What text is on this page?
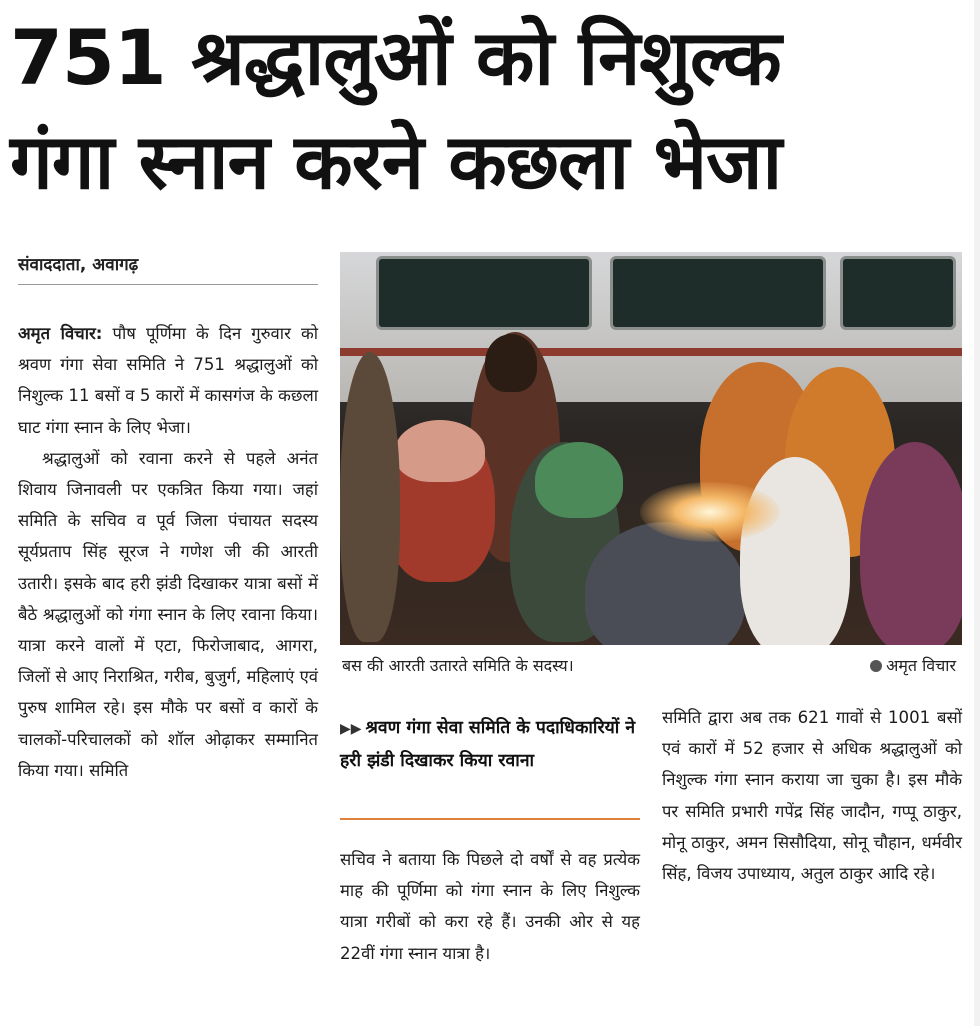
751 श्रद्धालुओं को निशुल्क
गंगा स्नान करने कछला भेजा
संवाददाता, अवागढ़

अमृत विचार: पौष पूर्णिमा के दिन गुरुवार को श्रवण गंगा सेवा समिति ने 751 श्रद्धालुओं को निशुल्क 11 बसों व 5 कारों में कासगंज के कछला घाट गंगा स्नान के लिए भेजा।

श्रद्धालुओं को रवाना करने से पहले अनंत शिवाय जिनावली पर एकत्रित किया गया। जहां समिति के सचिव व पूर्व जिला पंचायत सदस्य सूर्यप्रताप सिंह सूरज ने गणेश जी की आरती उतारी। इसके बाद हरी झंडी दिखाकर यात्रा बसों में बैठे श्रद्धालुओं को गंगा स्नान के लिए रवाना किया। यात्रा करने वालों में एटा, फिरोजाबाद, आगरा, जिलों से आए निराश्रित, गरीब, बुजुर्ग, महिलाएं एवं पुरुष शामिल रहे। इस मौके पर बसों व कारों के चालकों-परिचालकों को शॉल ओढ़ाकर सम्मानित किया गया। समिति

बस की आरती उतारते समिति के सदस्य।	अमृत विचार
▶▶ श्रवण गंगा सेवा समिति के पदाधिकारियों ने हरी झंडी दिखाकर किया रवाना

सचिव ने बताया कि पिछले दो वर्षों से वह प्रत्येक माह की पूर्णिमा को गंगा स्नान के लिए निशुल्क यात्रा गरीबों को करा रहे हैं। उनकी ओर से यह 22वीं गंगा स्नान यात्रा है।

समिति द्वारा अब तक 621 गावों से 1001 बसों एवं कारों में 52 हजार से अधिक श्रद्धालुओं को निशुल्क गंगा स्नान कराया जा चुका है। इस मौके पर समिति प्रभारी गपेंद्र सिंह जादौन, गप्पू ठाकुर, मोनू ठाकुर, अमन सिसौदिया, सोनू चौहान, धर्मवीर सिंह, विजय उपाध्याय, अतुल ठाकुर आदि रहे।
